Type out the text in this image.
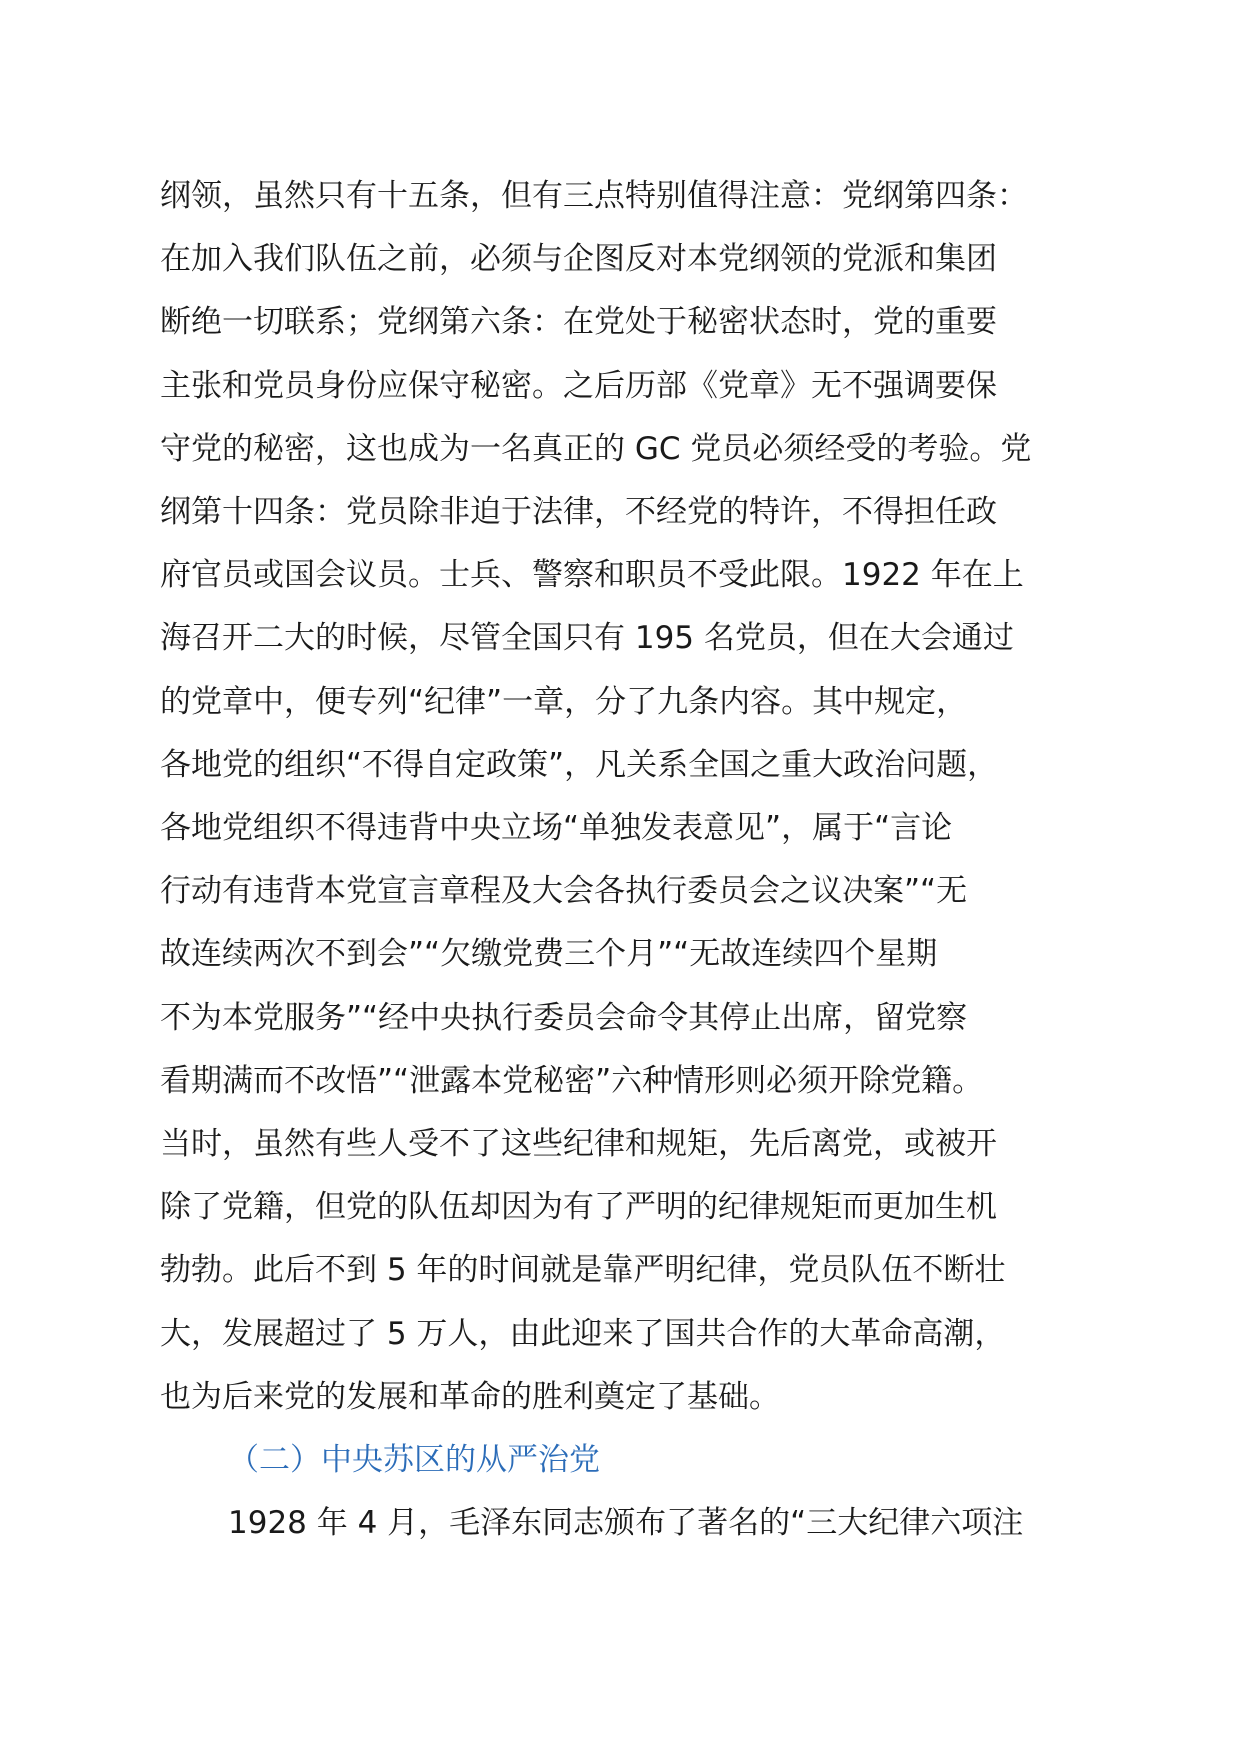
纲领，虽然只有十五条，但有三点特别值得注意：党纲第四条：
在加入我们队伍之前，必须与企图反对本党纲领的党派和集团
断绝一切联系；党纲第六条：在党处于秘密状态时，党的重要
主张和党员身份应保守秘密。之后历部《党章》无不强调要保
守党的秘密，这也成为一名真正的 GC 党员必须经受的考验。党
纲第十四条：党员除非迫于法律，不经党的特许，不得担任政
府官员或国会议员。士兵、警察和职员不受此限。1922 年在上
海召开二大的时候，尽管全国只有 195 名党员，但在大会通过
的党章中，便专列“纪律”一章，分了九条内容。其中规定，
各地党的组织“不得自定政策”，凡关系全国之重大政治问题，
各地党组织不得违背中央立场“单独发表意见”，属于“言论
行动有违背本党宣言章程及大会各执行委员会之议决案”“无
故连续两次不到会”“欠缴党费三个月”“无故连续四个星期
不为本党服务”“经中央执行委员会命令其停止出席，留党察
看期满而不改悟”“泄露本党秘密”六种情形则必须开除党籍。
当时，虽然有些人受不了这些纪律和规矩，先后离党，或被开
除了党籍，但党的队伍却因为有了严明的纪律规矩而更加生机
勃勃。此后不到 5 年的时间就是靠严明纪律，党员队伍不断壮
大，发展超过了 5 万人，由此迎来了国共合作的大革命高潮，
也为后来党的发展和革命的胜利奠定了基础。
（二）中央苏区的从严治党
1928 年 4 月，毛泽东同志颁布了著名的“三大纪律六项注
